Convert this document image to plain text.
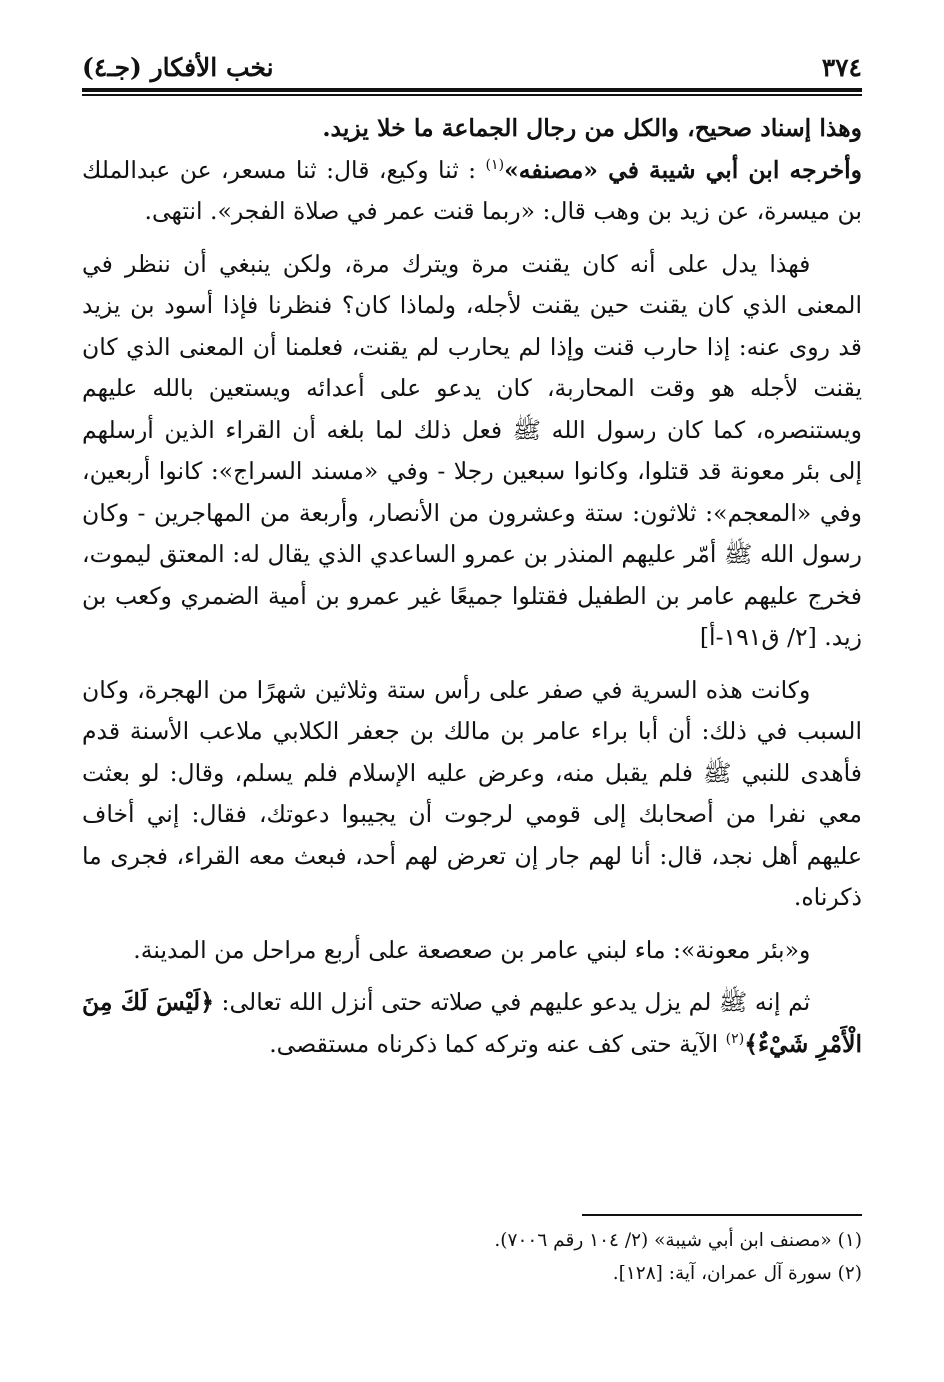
٣٧٤
نخب الأفكار (جـ٤)

وهذا إسناد صحيح، والكل من رجال الجماعة ما خلا يزيد.

وأخرجه ابن أبي شيبة في «مصنفه»$^{(١)}$ : ثنا وكيع، قال: ثنا مسعر، عن عبدالملك بن ميسرة، عن زيد بن وهب قال: «ربما قنت عمر في صلاة الفجر». انتهى.

فهذا يدل على أنه كان يقنت مرة ويترك مرة، ولكن ينبغي أن ننظر في المعنى الذي كان يقنت حين يقنت لأجله، ولماذا كان؟ فنظرنا فإذا أسود بن يزيد قد روى عنه: إذا حارب قنت وإذا لم يحارب لم يقنت، فعلمنا أن المعنى الذي كان يقنت لأجله هو وقت المحاربة، كان يدعو على أعدائه ويستعين بالله عليهم ويستنصره، كما كان رسول الله ﷺ فعل ذلك لما بلغه أن القراء الذين أرسلهم إلى بئر معونة قد قتلوا، وكانوا سبعين رجلا - وفي «مسند السراج»: كانوا أربعين، وفي «المعجم»: ثلاثون: ستة وعشرون من الأنصار، وأربعة من المهاجرين - وكان رسول الله ﷺ أمّر عليهم المنذر بن عمرو الساعدي الذي يقال له: المعتق ليموت، فخرج عليهم عامر بن الطفيل فقتلوا جميعًا غير عمرو بن أمية الضمري وكعب بن زيد. [٢/ ق١٩١-أ]

وكانت هذه السرية في صفر على رأس ستة وثلاثين شهرًا من الهجرة، وكان السبب في ذلك: أن أبا براء عامر بن مالك بن جعفر الكلابي ملاعب الأسنة قدم فأهدى للنبي ﷺ فلم يقبل منه، وعرض عليه الإسلام فلم يسلم، وقال: لو بعثت معي نفرا من أصحابك إلى قومي لرجوت أن يجيبوا دعوتك، فقال: إني أخاف عليهم أهل نجد، قال: أنا لهم جار إن تعرض لهم أحد، فبعث معه القراء، فجرى ما ذكرناه.

و«بئر معونة»: ماء لبني عامر بن صعصعة على أربع مراحل من المدينة.

ثم إنه ﷺ لم يزل يدعو عليهم في صلاته حتى أنزل الله تعالى: ﴿لَيْسَ لَكَ مِنَ الْأَمْرِ شَيْءٌ﴾$^{(٢)}$ الآية حتى كف عنه وتركه كما ذكرناه مستقصى.

(١) «مصنف ابن أبي شيبة» (٢/ ١٠٤ رقم ٧٠٠٦).

(٢) سورة آل عمران، آية: [١٢٨].
